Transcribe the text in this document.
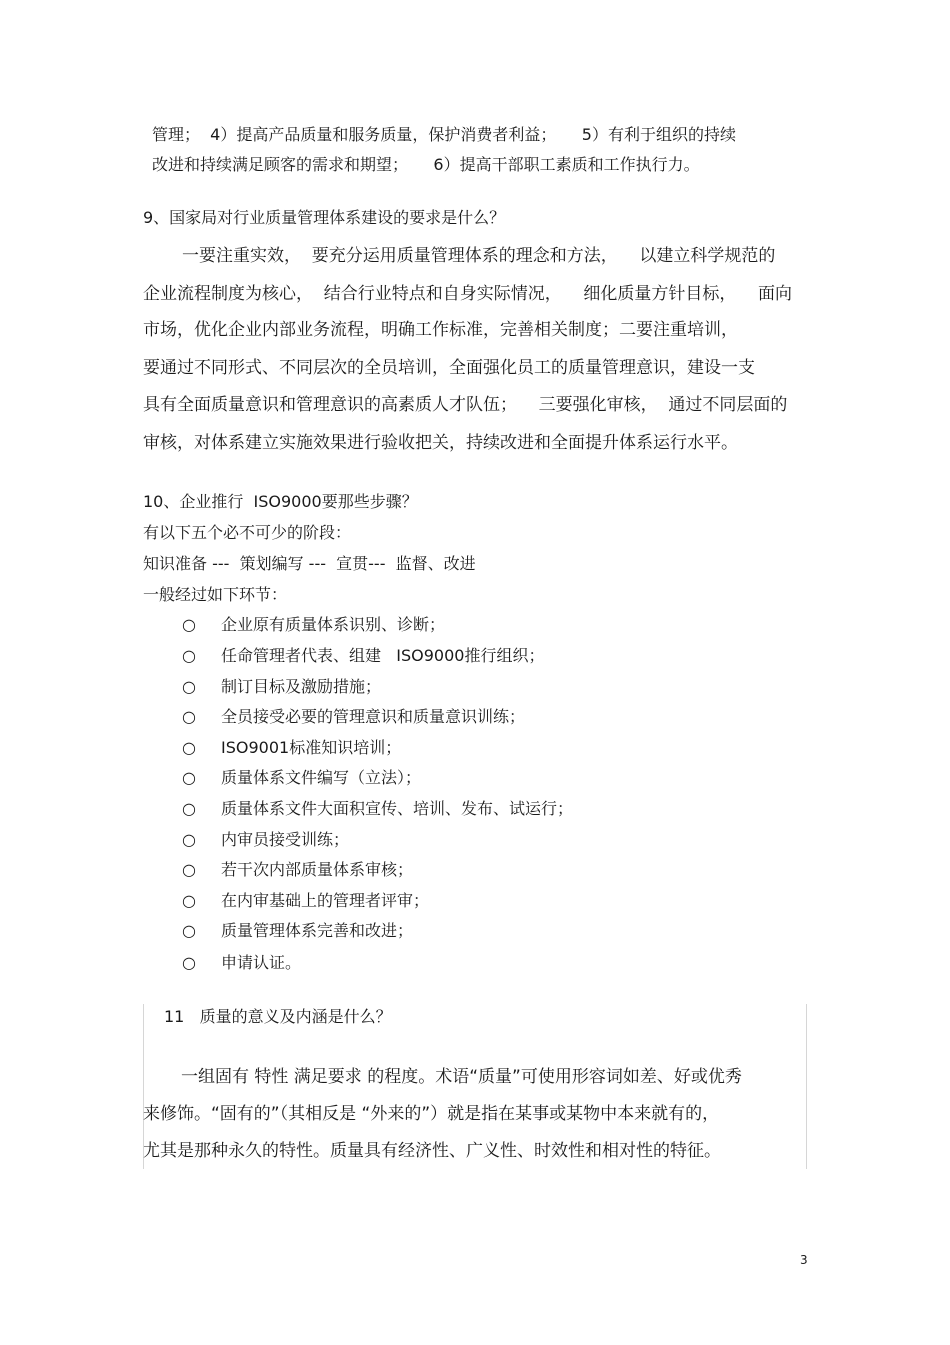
管理；  4）提高产品质量和服务质量，保护消费者利益；     5）有利于组织的持续
改进和持续满足顾客的需求和期望；     6）提高干部职工素质和工作执行力。
9、国家局对行业质量管理体系建设的要求是什么？
一要注重实效，  要充分运用质量管理体系的理念和方法，    以建立科学规范的
企业流程制度为核心，  结合行业特点和自身实际情况，    细化质量方针目标，    面向
市场，优化企业内部业务流程，明确工作标准，完善相关制度；二要注重培训，
要通过不同形式、不同层次的全员培训，全面强化员工的质量管理意识，建设一支
具有全面质量意识和管理意识的高素质人才队伍；    三要强化审核，  通过不同层面的
审核，对体系建立实施效果进行验收把关，持续改进和全面提升体系运行水平。
10、企业推行  ISO9000要那些步骤？
有以下五个必不可少的阶段：
知识准备 ---  策划编写 ---  宣贯---  监督、改进
一般经过如下环节：
○ 企业原有质量体系识别、诊断；
○ 任命管理者代表、组建   ISO9000推行组织；
○ 制订目标及激励措施；
○ 全员接受必要的管理意识和质量意识训练；
○ ISO9001标准知识培训；
○ 质量体系文件编写（立法）；
○ 质量体系文件大面积宣传、培训、发布、试运行；
○ 内审员接受训练；
○ 若干次内部质量体系审核；
○ 在内审基础上的管理者评审；
○ 质量管理体系完善和改进；
○ 申请认证。
11   质量的意义及内涵是什么？
一组固有 特性 满足要求 的程度。术语“质量”可使用形容词如差、好或优秀
来修饰。“固有的”（其相反是 “外来的”）就是指在某事或某物中本来就有的，
尤其是那种永久的特性。质量具有经济性、广义性、时效性和相对性的特征。
3
